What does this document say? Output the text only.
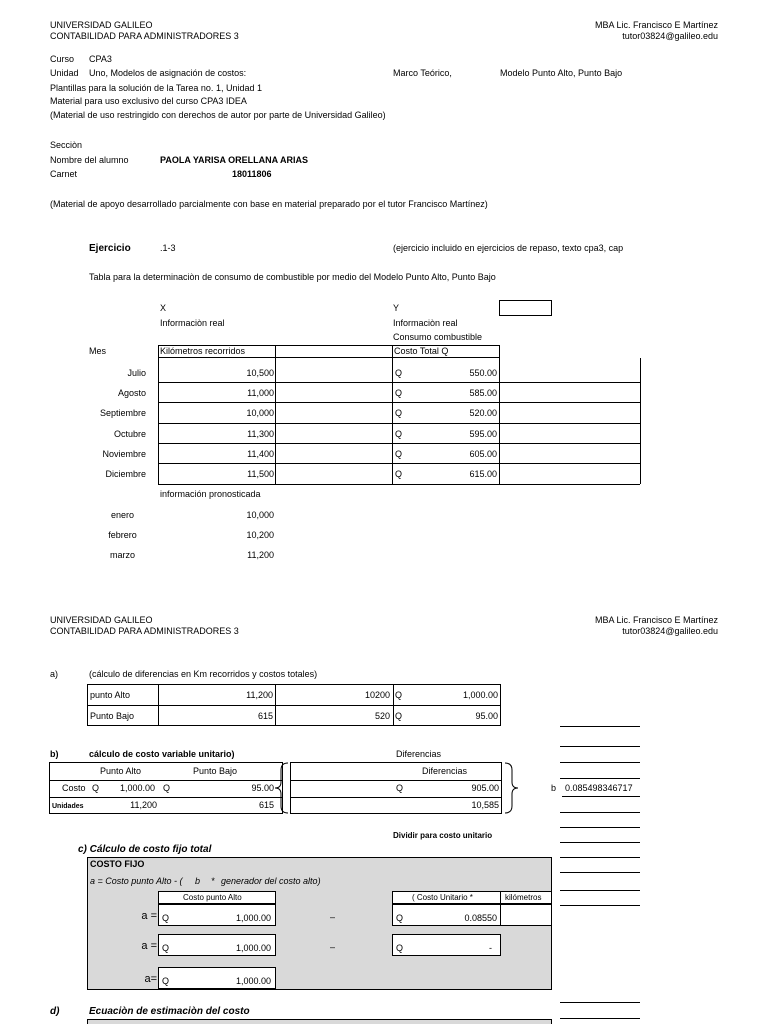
UNIVERSIDAD GALILEO
CONTABILIDAD PARA ADMINISTRADORES 3
MBA Lic. Francisco E Martínez
tutor03824@galileo.edu
Curso CPA3
Unidad Uno, Modelos de asignación de costos:	Marco Teórico,	Modelo Punto Alto, Punto Bajo
Plantillas para la solución de la Tarea no. 1, Unidad 1
Material para uso exclusivo del curso CPA3 IDEA
(Material de uso restringido con derechos de autor por parte de Universidad Galileo)
Secciòn
Nombre del alumno	PAOLA YARISA ORELLANA ARIAS
Carnet	18011806
(Material de apoyo desarrollado parcialmente con base en material preparado por el tutor Francisco Martínez)
Ejercicio	.1-3	(ejercicio incluido en ejercicios de repaso, texto cpa3, cap
Tabla para la determinaciòn de consumo de combustible por medio del Modelo Punto Alto, Punto Bajo
X
Informaciòn real
Y
Informaciòn real
Consumo combustible
Mes	Kilómetros recorridos	Costo Total Q
Julio	10,500	Q	550.00
Agosto	11,000	Q	585.00
Septiembre	10,000	Q	520.00
Octubre	11,300	Q	595.00
Noviembre	11,400	Q	605.00
Diciembre	11,500	Q	615.00
información pronosticada
enero	10,000
febrero	10,200
marzo	11,200
UNIVERSIDAD GALILEO
CONTABILIDAD PARA ADMINISTRADORES 3
MBA Lic. Francisco E Martínez
tutor03824@galileo.edu
a)	(cálculo de diferencias en Km recorridos y costos totales)
punto Alto	11,200	10200 Q	1,000.00
Punto Bajo	615	520 Q	95.00
b)	cálculo de costo variable unitario)	Diferencias
Punto Alto	Punto Bajo
Costo Q	1,000.00 Q	95.00
Unidades	11,200	615
Diferencias
Q	905.00
10,585
b 0.085498346717
Dividir para costo unitario
c) Cálculo de costo fijo total
COSTO FIJO
a = Costo punto Alto - ( b * generador del costo alto)
Costo punto Alto	( Costo Unitario *	kilómetros
a = Q	1,000.00	–	Q	0.08550
a = Q	1,000.00	–	Q	-
a= Q	1,000.00
d)	Ecuaciòn de estimaciòn del costo
